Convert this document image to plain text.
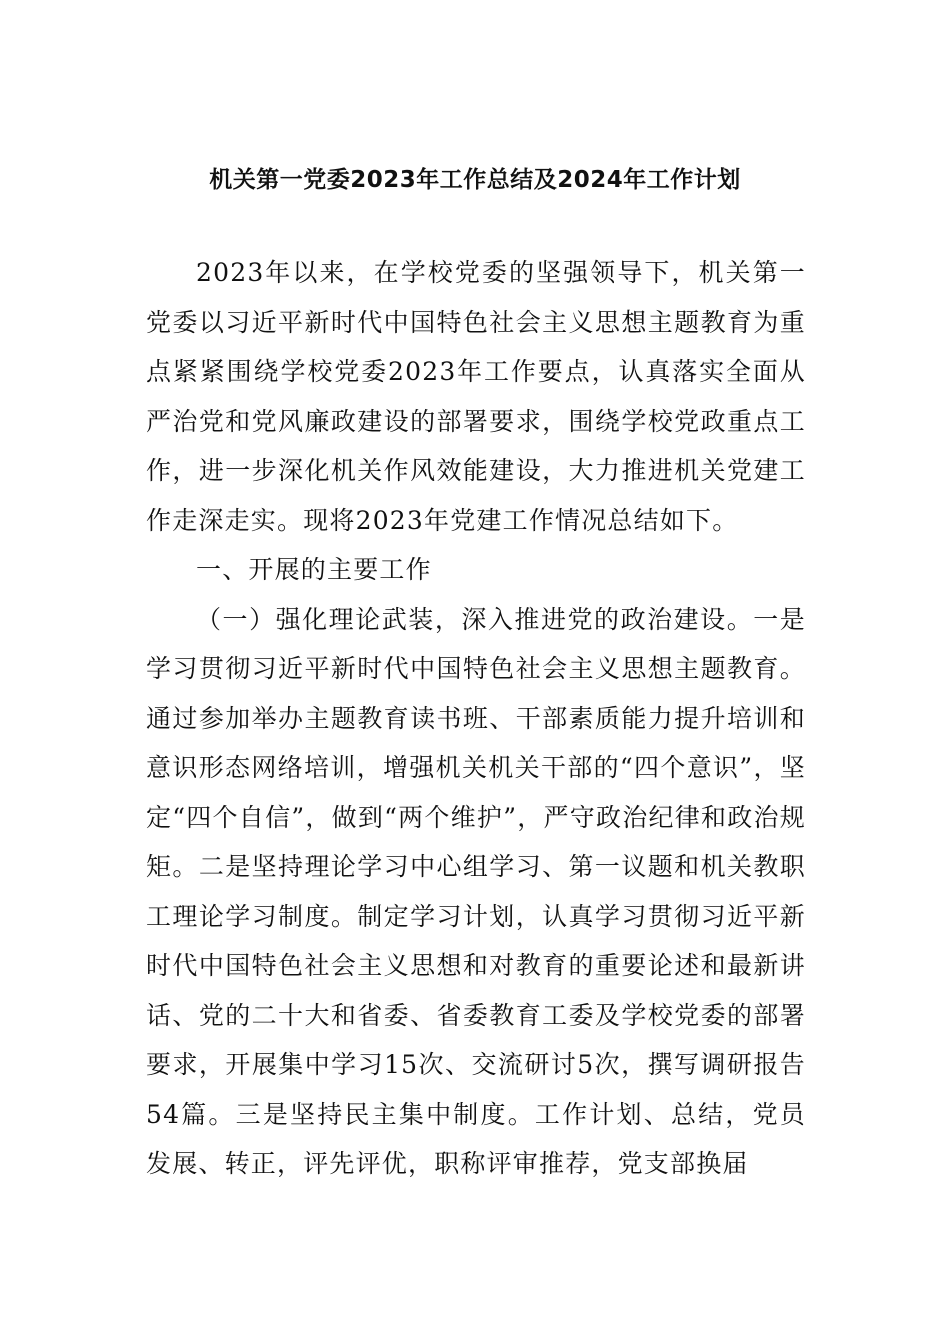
机关第一党委2023年工作总结及2024年工作计划

2023年以来，在学校党委的坚强领导下，机关第一党委以习近平新时代中国特色社会主义思想主题教育为重点紧紧围绕学校党委2023年工作要点，认真落实全面从严治党和党风廉政建设的部署要求，围绕学校党政重点工作，进一步深化机关作风效能建设，大力推进机关党建工作走深走实。现将2023年党建工作情况总结如下。

一、开展的主要工作

（一）强化理论武装，深入推进党的政治建设。一是学习贯彻习近平新时代中国特色社会主义思想主题教育。通过参加举办主题教育读书班、干部素质能力提升培训和意识形态网络培训，增强机关机关干部的“四个意识”，坚定“四个自信”，做到“两个维护”，严守政治纪律和政治规矩。二是坚持理论学习中心组学习、第一议题和机关教职工理论学习制度。制定学习计划，认真学习贯彻习近平新时代中国特色社会主义思想和对教育的重要论述和最新讲话、党的二十大和省委、省委教育工委及学校党委的部署要求，开展集中学习15次、交流研讨5次，撰写调研报告54篇。三是坚持民主集中制度。工作计划、总结，党员发展、转正，评先评优，职称评审推荐，党支部换届
